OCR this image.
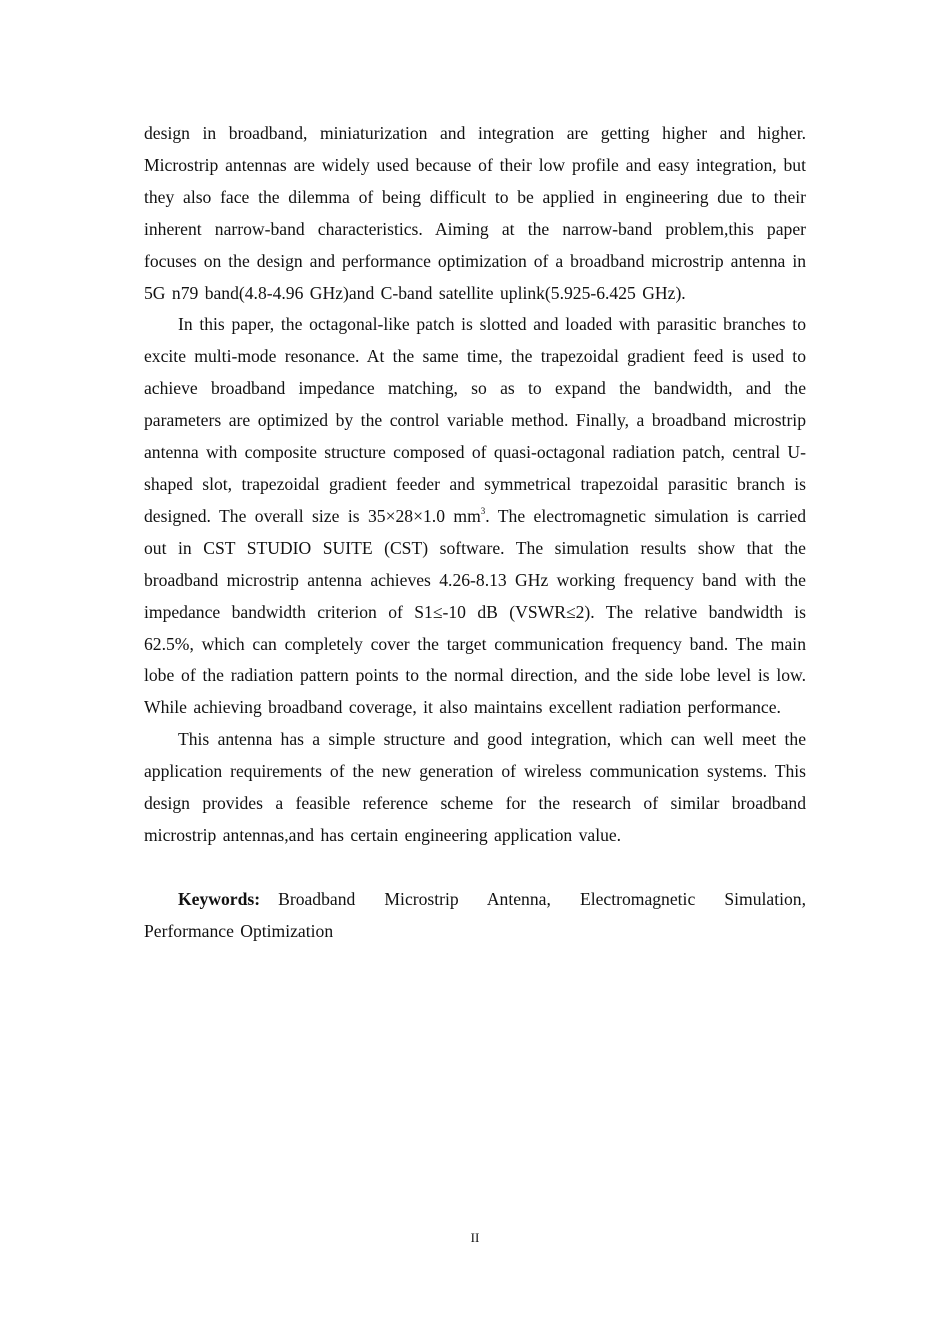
design in broadband, miniaturization and integration are getting higher and higher. Microstrip antennas are widely used because of their low profile and easy integration, but they also face the dilemma of being difficult to be applied in engineering due to their inherent narrow-band characteristics. Aiming at the narrow-band problem,this paper focuses on the design and performance optimization of a broadband microstrip antenna in 5G n79 band(4.8-4.96 GHz)and C-band satellite uplink(5.925-6.425 GHz).

In this paper, the octagonal-like patch is slotted and loaded with parasitic branches to excite multi-mode resonance. At the same time, the trapezoidal gradient feed is used to achieve broadband impedance matching, so as to expand the bandwidth, and the parameters are optimized by the control variable method. Finally, a broadband microstrip antenna with composite structure composed of quasi-octagonal radiation patch, central U-shaped slot, trapezoidal gradient feeder and symmetrical trapezoidal parasitic branch is designed. The overall size is 35×28×1.0 $mm^3$. The electromagnetic simulation is carried out in CST STUDIO SUITE (CST) software. The simulation results show that the broadband microstrip antenna achieves 4.26-8.13 GHz working frequency band with the impedance bandwidth criterion of S1≤-10 dB (VSWR≤2). The relative bandwidth is 62.5%, which can completely cover the target communication frequency band. The main lobe of the radiation pattern points to the normal direction, and the side lobe level is low. While achieving broadband coverage, it also maintains excellent radiation performance.

This antenna has a simple structure and good integration, which can well meet the application requirements of the new generation of wireless communication systems. This design provides a feasible reference scheme for the research of similar broadband microstrip antennas,and has certain engineering application value.

Keywords: Broadband Microstrip Antenna, Electromagnetic Simulation, Performance Optimization

II
